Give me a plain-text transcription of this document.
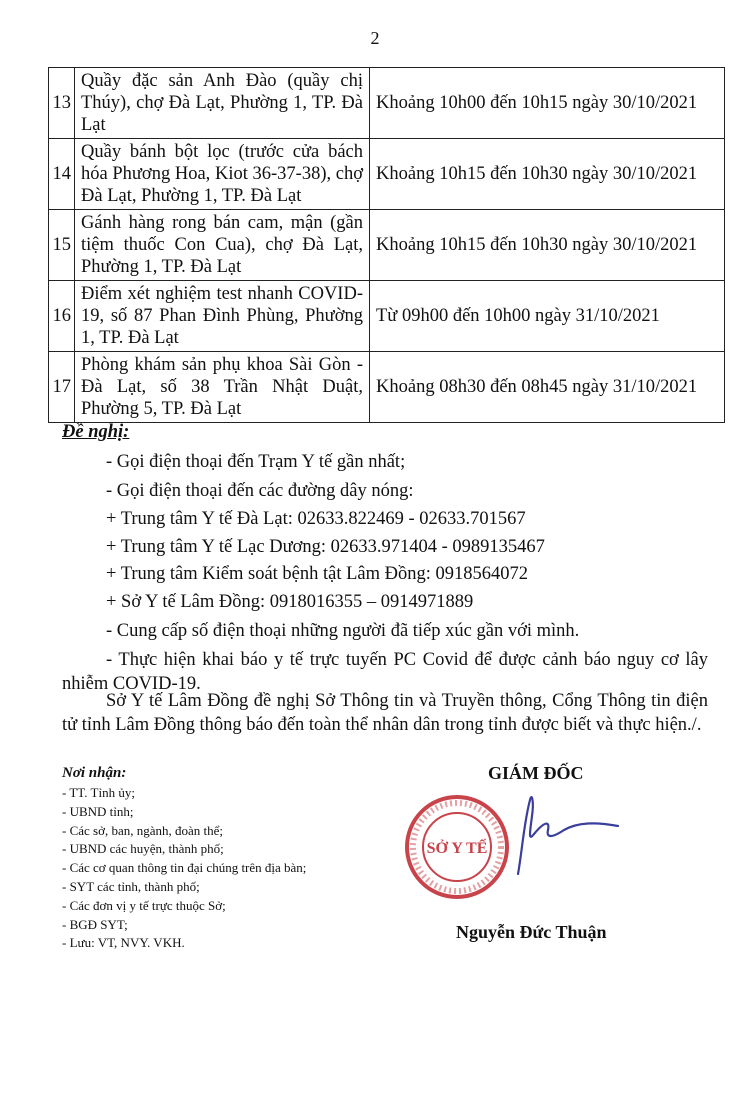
2
13	Quầy đặc sản Anh Đào (quầy chị Thúy), chợ Đà Lạt, Phường 1, TP. Đà Lạt	Khoảng 10h00 đến 10h15 ngày 30/10/2021
14	Quầy bánh bột lọc (trước cửa bách hóa Phương Hoa, Kiot 36-37-38), chợ Đà Lạt, Phường 1, TP. Đà Lạt	Khoảng 10h15 đến 10h30 ngày 30/10/2021
15	Gánh hàng rong bán cam, mận (gần tiệm thuốc Con Cua), chợ Đà Lạt, Phường 1, TP. Đà Lạt	Khoảng 10h15 đến 10h30 ngày 30/10/2021
16	Điểm xét nghiệm test nhanh COVID-19, số 87 Phan Đình Phùng, Phường 1, TP. Đà Lạt	Từ 09h00 đến 10h00 ngày 31/10/2021
17	Phòng khám sản phụ khoa Sài Gòn - Đà Lạt, số 38 Trần Nhật Duật, Phường 5, TP. Đà Lạt	Khoảng 08h30 đến 08h45 ngày 31/10/2021
Đề nghị:
- Gọi điện thoại đến Trạm Y tế gần nhất;
- Gọi điện thoại đến các đường dây nóng:
+ Trung tâm Y tế Đà Lạt: 02633.822469 - 02633.701567
+ Trung tâm Y tế Lạc Dương: 02633.971404 - 0989135467
+ Trung tâm Kiểm soát bệnh tật Lâm Đồng: 0918564072
+ Sở Y tế Lâm Đồng: 0918016355 – 0914971889
- Cung cấp số điện thoại những người đã tiếp xúc gần với mình.
- Thực hiện khai báo y tế trực tuyến PC Covid để được cảnh báo nguy cơ lây nhiễm COVID-19.
Sở Y tế Lâm Đồng đề nghị Sở Thông tin và Truyền thông, Cổng Thông tin điện tử tỉnh Lâm Đồng thông báo đến toàn thể nhân dân trong tỉnh được biết và thực hiện./.
Nơi nhận:
- TT. Tỉnh ủy;
- UBND tỉnh;
- Các sở, ban, ngành, đoàn thể;
- UBND các huyện, thành phố;
- Các cơ quan thông tin đại chúng trên địa bàn;
- SYT các tỉnh, thành phố;
- Các đơn vị y tế trực thuộc Sở;
- BGĐ SYT;
- Lưu: VT, NVY. VKH.
GIÁM ĐỐC
SỞ Y TẾ
Nguyễn Đức Thuận
